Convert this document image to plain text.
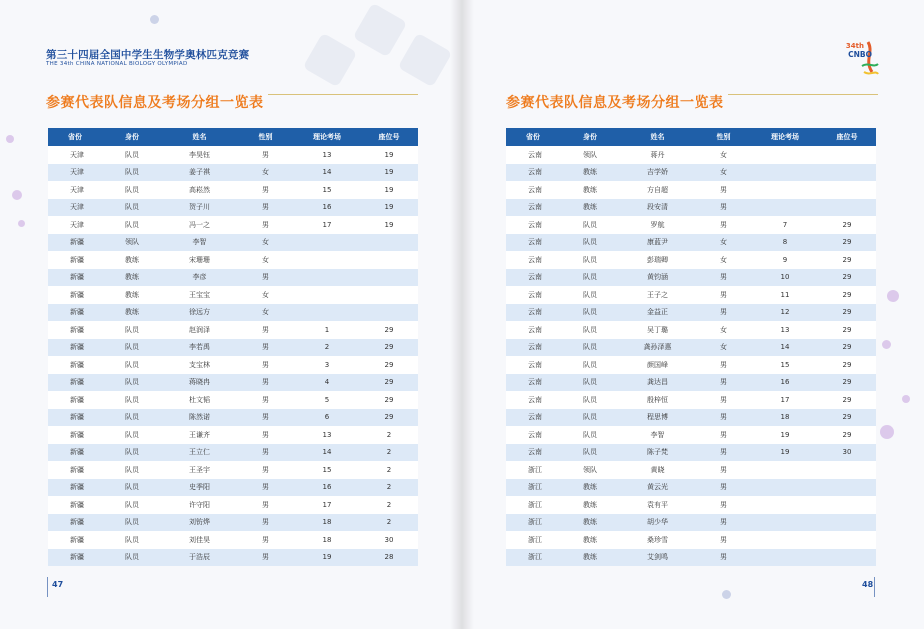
第三十四届全国中学生生物学奥林匹克竞赛
THE 34th CHINA NATIONAL BIOLOGY OLYMPIAD
参赛代表队信息及考场分组一览表
省份	身份	姓名	性别	理论考场	座位号
天津	队员	李昊钰	男	13	19
天津	队员	姜子祺	女	14	19
天津	队员	高崧然	男	15	19
天津	队员	贺子川	男	16	19
天津	队员	冯一之	男	17	19
新疆	领队	李智	女		
新疆	教练	宋珊珊	女		
新疆	教练	李彦	男		
新疆	教练	王宝宝	女		
新疆	教练	徐远方	女		
新疆	队员	赵润泽	男	1	29
新疆	队员	李若禹	男	2	29
新疆	队员	支宝林	男	3	29
新疆	队员	蒋晓冉	男	4	29
新疆	队员	杜文韬	男	5	29
新疆	队员	陈然诺	男	6	29
新疆	队员	王谦齐	男	13	2
新疆	队员	王立仁	男	14	2
新疆	队员	王圣宇	男	15	2
新疆	队员	史季阳	男	16	2
新疆	队员	许守阳	男	17	2
新疆	队员	刘钫烨	男	18	2
新疆	队员	刘佳昊	男	18	30
新疆	队员	于浩辰	男	19	28
47
34th
CNBO
参赛代表队信息及考场分组一览表
省份	身份	姓名	性别	理论考场	座位号
云南	领队	蒋丹	女		
云南	教练	吉学娇	女		
云南	教练	方自超	男		
云南	教练	段安清	男		
云南	队员	罗航	男	7	29
云南	队员	康蓝尹	女	8	29
云南	队员	彭瑞卿	女	9	29
云南	队员	黄钧涵	男	10	29
云南	队员	王子之	男	11	29
云南	队员	金益正	男	12	29
云南	队员	吴丁璐	女	13	29
云南	队员	龚孙泽惠	女	14	29
云南	队员	颜国峰	男	15	29
云南	队员	龚达昌	男	16	29
云南	队员	殷梓恒	男	17	29
云南	队员	程思博	男	18	29
云南	队员	李智	男	19	29
云南	队员	陈子梵	男	19	30
浙江	领队	黄晓	男		
浙江	教练	黄云光	男		
浙江	教练	袁有平	男		
浙江	教练	胡少华	男		
浙江	教练	桑珍雪	男		
浙江	教练	艾剑鸣	男		
48
